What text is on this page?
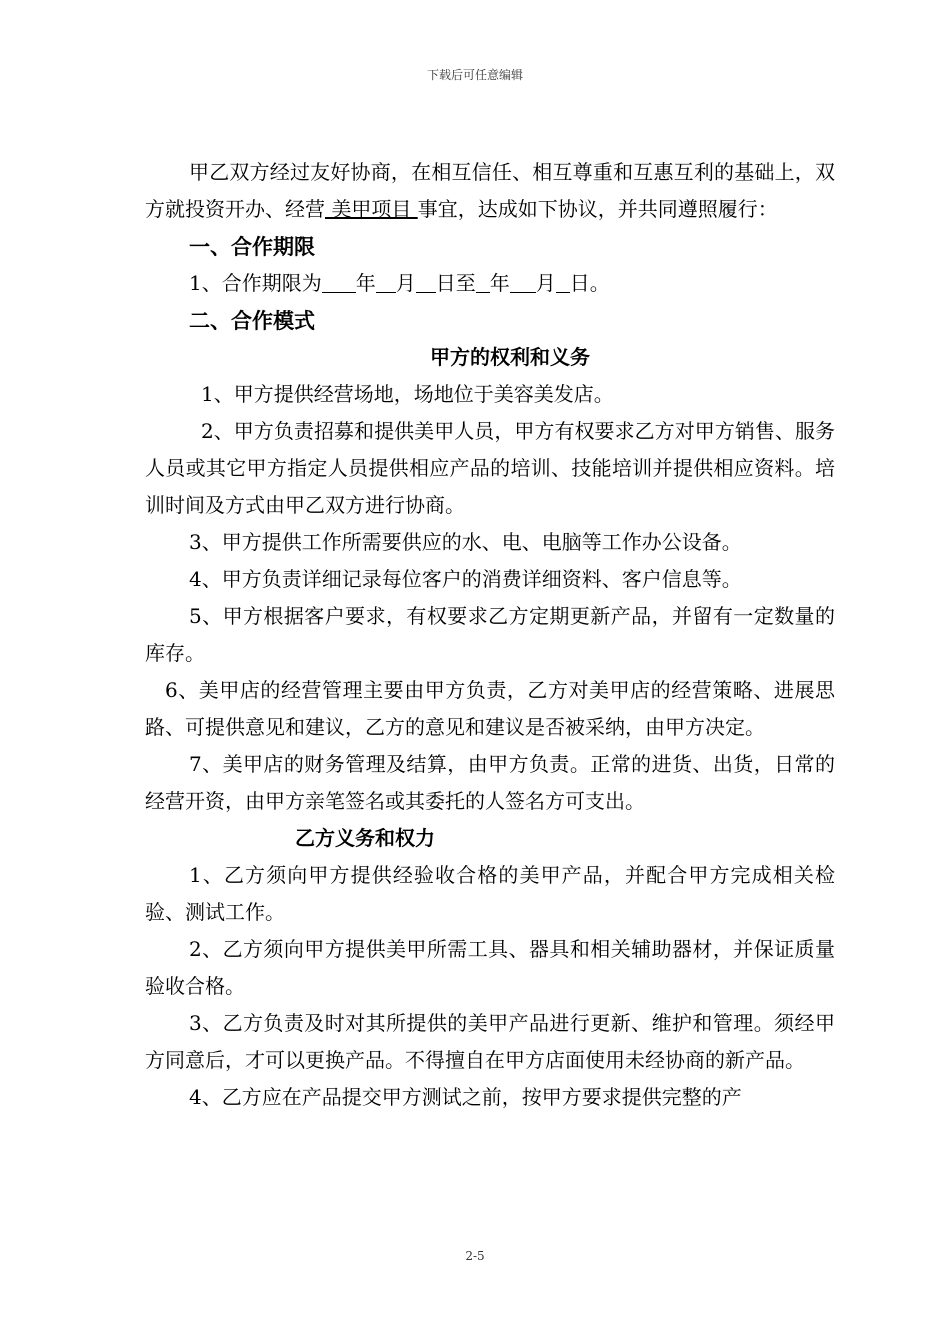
下载后可任意编辑

甲乙双方经过友好协商，在相互信任、相互尊重和互惠互利的基础上，双方就投资开办、经营 美甲项目 事宜，达成如下协议，并共同遵照履行：

一、合作期限

1、合作期限为 年 月 日至 年 月 日。

二、合作模式

甲方的权利和义务

1、甲方提供经营场地，场地位于美容美发店。

2、甲方负责招募和提供美甲人员，甲方有权要求乙方对甲方销售、服务人员或其它甲方指定人员提供相应产品的培训、技能培训并提供相应资料。培训时间及方式由甲乙双方进行协商。

3、甲方提供工作所需要供应的水、电、电脑等工作办公设备。

4、甲方负责详细记录每位客户的消费详细资料、客户信息等。

5、甲方根据客户要求，有权要求乙方定期更新产品，并留有一定数量的库存。

6、美甲店的经营管理主要由甲方负责，乙方对美甲店的经营策略、进展思路、可提供意见和建议，乙方的意见和建议是否被采纳，由甲方决定。

7、美甲店的财务管理及结算，由甲方负责。正常的进货、出货，日常的经营开资，由甲方亲笔签名或其委托的人签名方可支出。

乙方义务和权力

1、乙方须向甲方提供经验收合格的美甲产品，并配合甲方完成相关检验、测试工作。

2、乙方须向甲方提供美甲所需工具、器具和相关辅助器材，并保证质量验收合格。

3、乙方负责及时对其所提供的美甲产品进行更新、维护和管理。须经甲方同意后，才可以更换产品。不得擅自在甲方店面使用未经协商的新产品。

4、乙方应在产品提交甲方测试之前，按甲方要求提供完整的产

2-5
